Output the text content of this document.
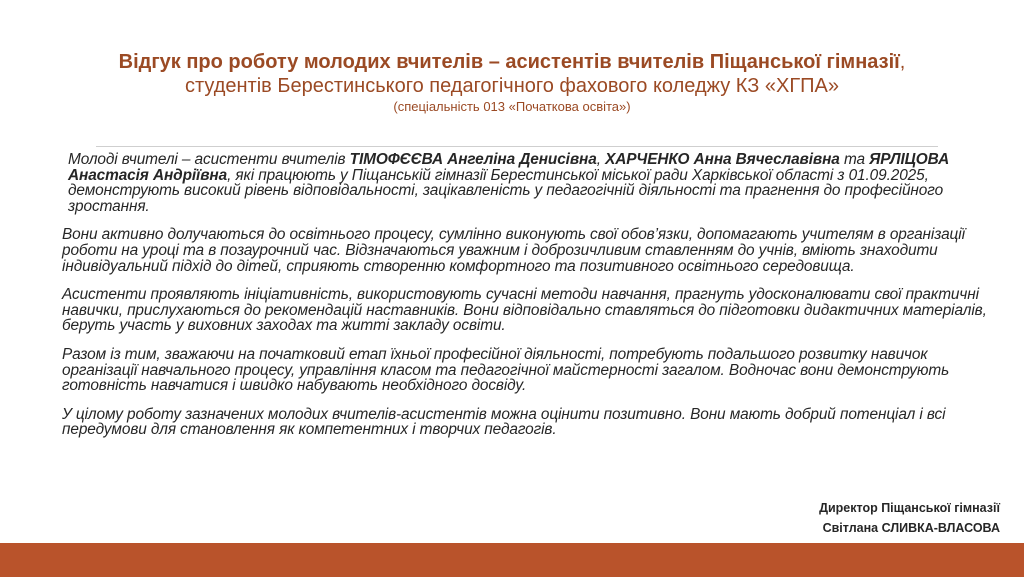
Відгук про роботу молодих вчителів – асистентів вчителів Піщанської гімназії,
студентів Берестинського педагогічного фахового коледжу КЗ «ХГПА»
(спеціальність 013 «Початкова освіта»)

Молоді вчителі – асистенти вчителів ТІМОФЄЄВА Ангеліна Денисівна, ХАРЧЕНКО Анна Вячеславівна та ЯРЛІЦОВА Анастасія Андріївна, які працюють у Піщанській гімназії Берестинської міської ради Харківської області з 01.09.2025, демонструють високий рівень відповідальності, зацікавленість у педагогічній діяльності та прагнення до професійного зростання.

Вони активно долучаються до освітнього процесу, сумлінно виконують свої обов’язки, допомагають учителям в організації роботи на уроці та в позаурочний час. Відзначаються уважним і доброзичливим ставленням до учнів, вміють знаходити індивідуальний підхід до дітей, сприяють створенню комфортного та позитивного освітнього середовища.

Асистенти проявляють ініціативність, використовують сучасні методи навчання, прагнуть удосконалювати свої практичні навички, прислухаються до рекомендацій наставників. Вони відповідально ставляться до підготовки дидактичних матеріалів, беруть участь у виховних заходах та житті закладу освіти.

Разом із тим, зважаючи на початковий етап їхньої професійної діяльності, потребують подальшого розвитку навичок організації навчального процесу, управління класом та педагогічної майстерності загалом. Водночас вони демонструють готовність навчатися і швидко набувають необхідного досвіду.

У цілому роботу зазначених молодих вчителів-асистентів можна оцінити позитивно. Вони мають добрий потенціал і всі передумови для становлення як компетентних і творчих педагогів.

Директор Піщанської гімназії
Світлана СЛИВКА-ВЛАСОВА
